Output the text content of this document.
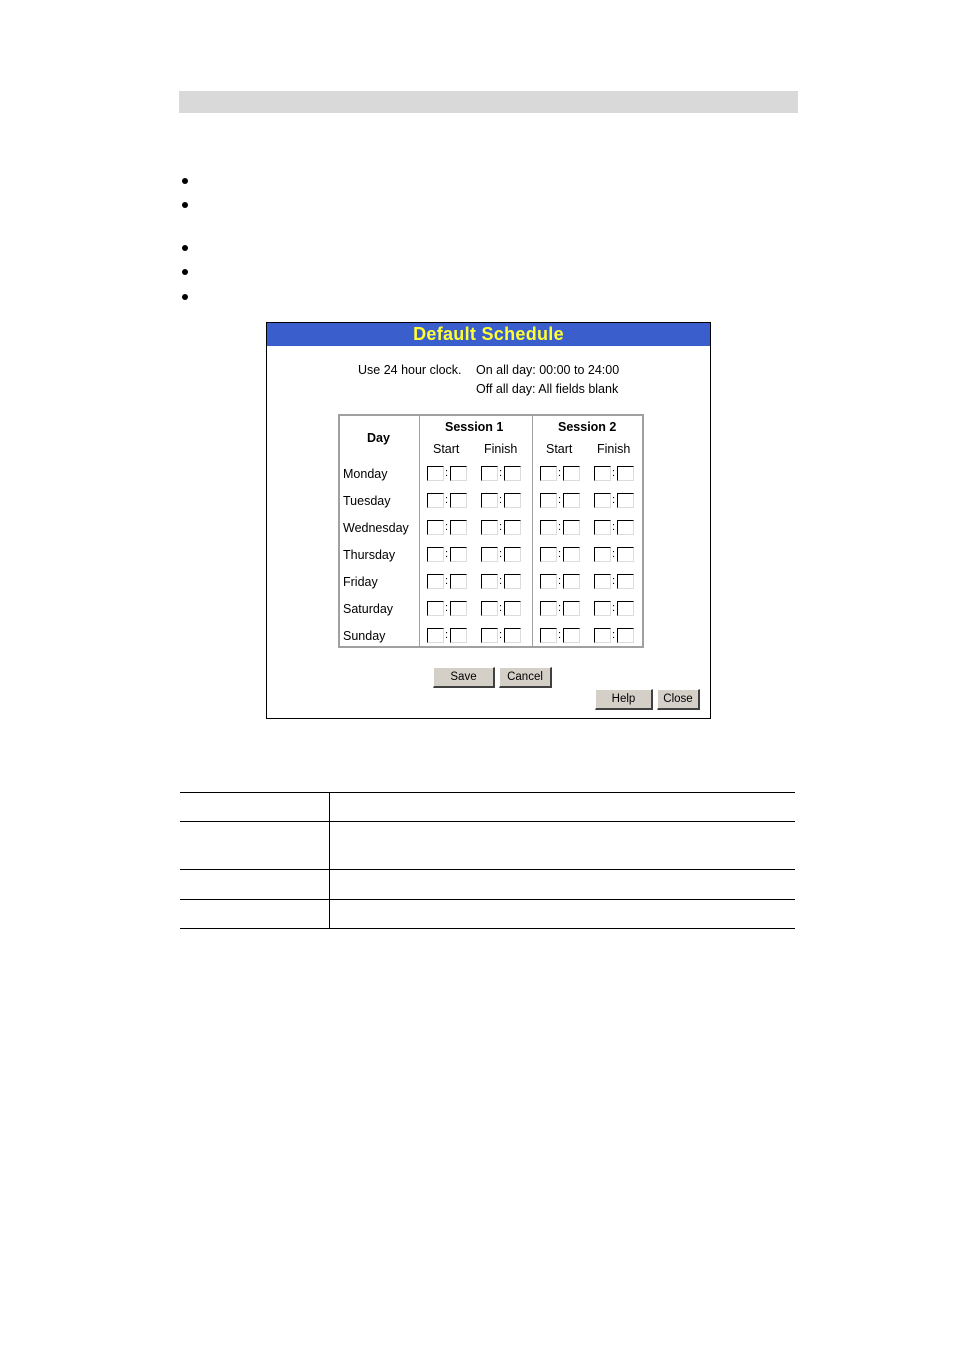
Default Schedule
Use 24 hour clock. On all day: 00:00 to 24:00
Off all day: All fields blank
Day
Session 1	Session 2
Start Finish Start Finish
Monday	:	:	:	:
Tuesday	:	:	:	:
Wednesday	:	:	:	:
Thursday	:	:	:	:
Friday	:	:	:	:
Saturday	:	:	:	:
Sunday	:	:	:	:
Save	Cancel
Help	Close
